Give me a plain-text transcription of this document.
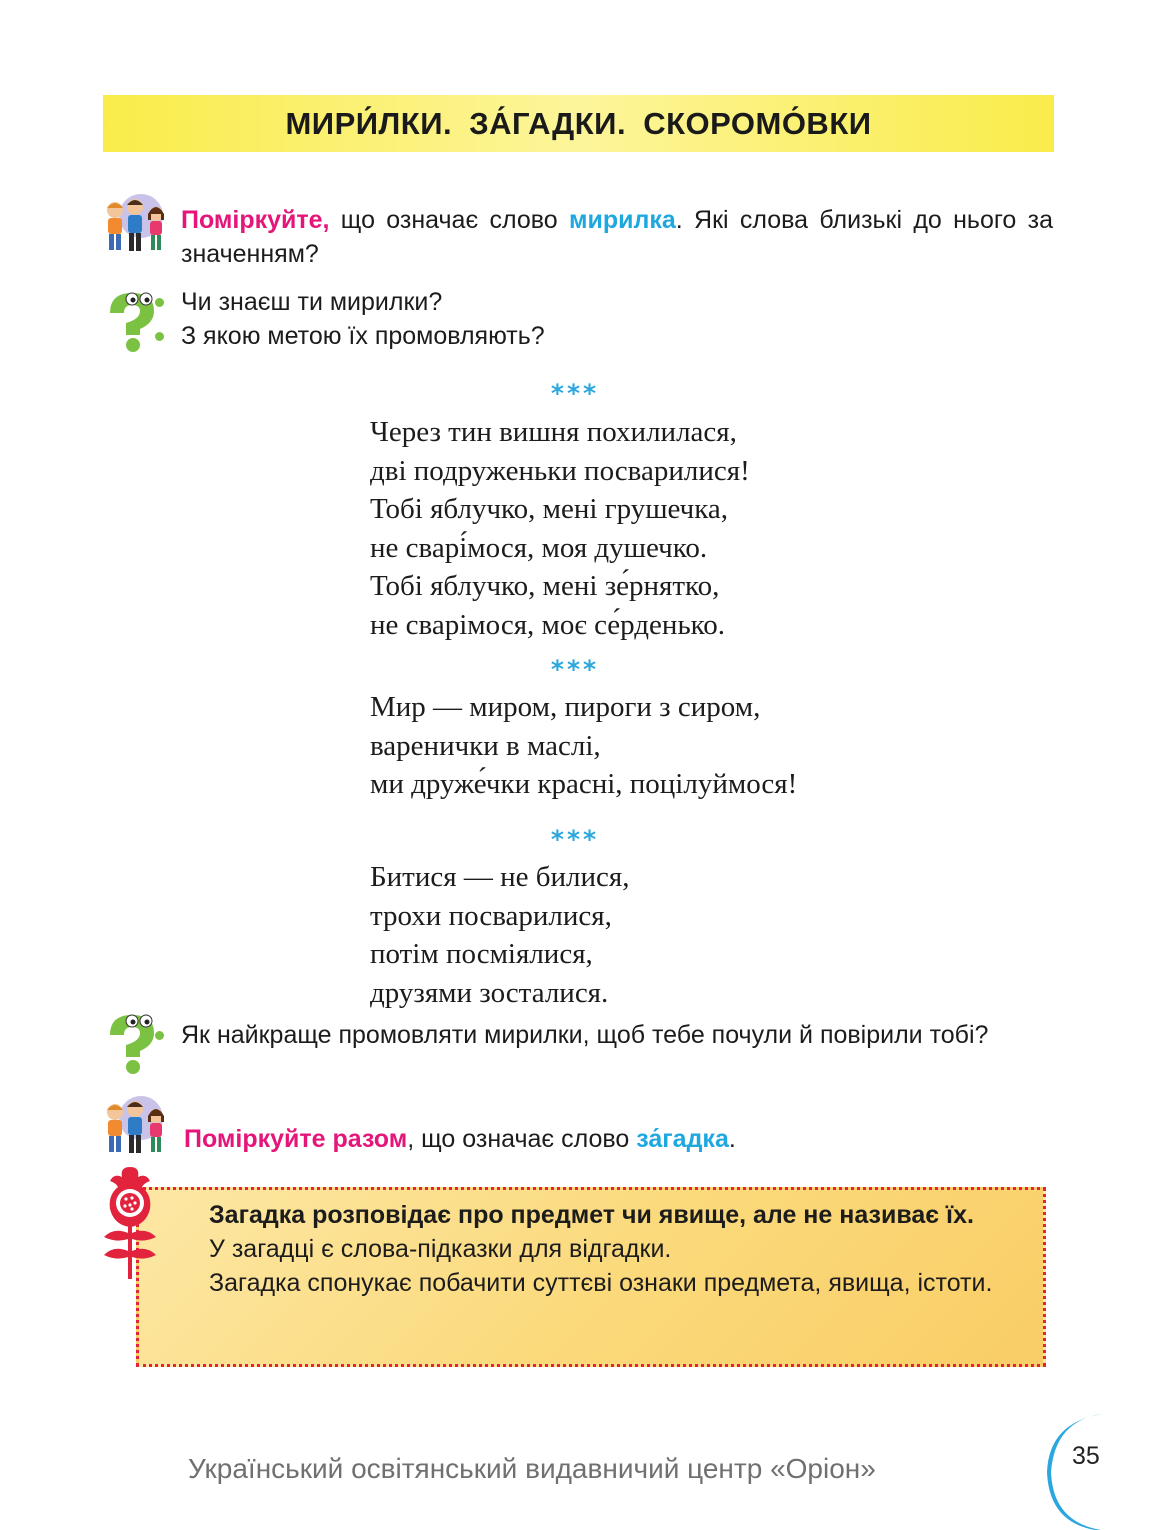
МИРИ́ЛКИ. ЗА́ГАДКИ. СКОРОМО́ВКИ
Поміркуйте, що означає слово мирилка. Які слова близькі до нього за значенням?
Чи знаєш ти мирилки?
З якою метою їх промовляють?
***
Через тин вишня похилилася,
дві подруженьки посварилися!
Тобі яблучко, мені грушечка,
не сварі́мося, моя душечко.
Тобі яблучко, мені зе́рнятко,
не сварімося, моє се́рденько.
***
Мир — миром, пироги з сиром,
варенички в маслі,
ми друже́чки красні, поцілуймося!
***
Битися — не билися,
трохи посварилися,
потім посміялися,
друзями зосталися.
Як найкраще промовляти мирилки, щоб тебе почули й повірили тобі?
Поміркуйте разом, що означає слово за́гадка.

Загадка розповідає про предмет чи явище, але не називає їх.

У загадці є слова-підказки для відгадки.

Загадка спонукає побачити суттєві ознаки предмета, явища, істоти.

Український освітянський видавничий центр «Оріон»	35
